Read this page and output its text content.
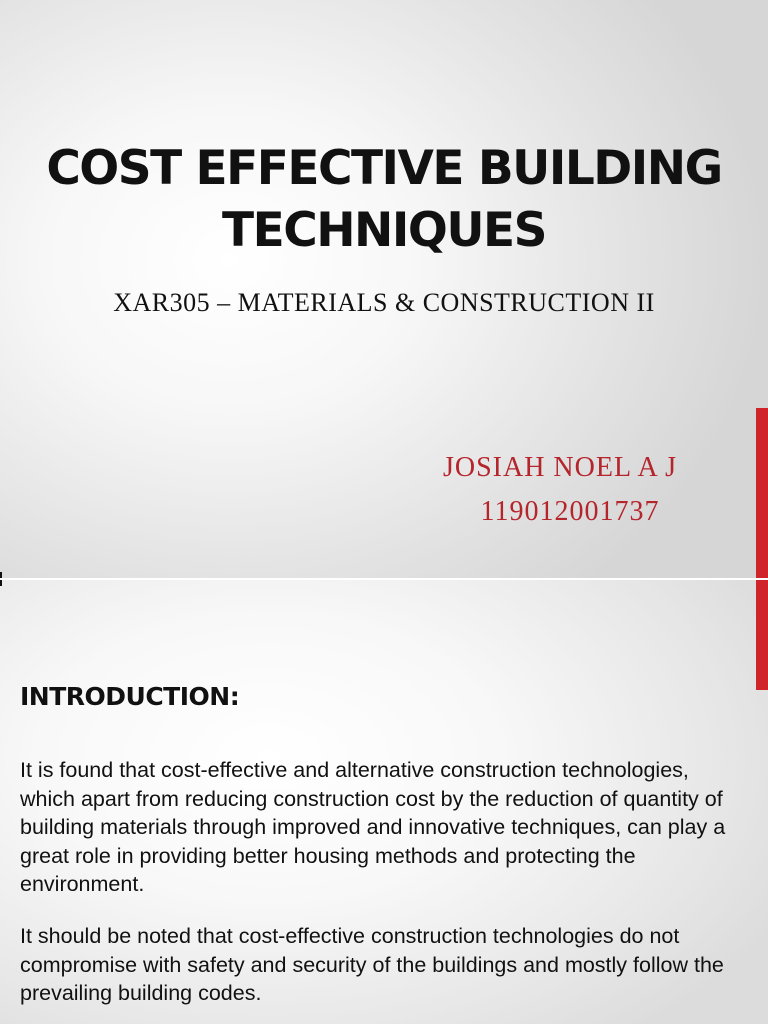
COST EFFECTIVE BUILDING TECHNIQUES

XAR305 – MATERIALS & CONSTRUCTION II

JOSIAH NOEL A J

119012001737

INTRODUCTION:

It is found that cost-effective and alternative construction technologies, which apart from reducing construction cost by the reduction of quantity of building materials through improved and innovative techniques, can play a great role in providing better housing methods and protecting the environment.

It should be noted that cost-effective construction technologies do not compromise with safety and security of the buildings and mostly follow the prevailing building codes.
